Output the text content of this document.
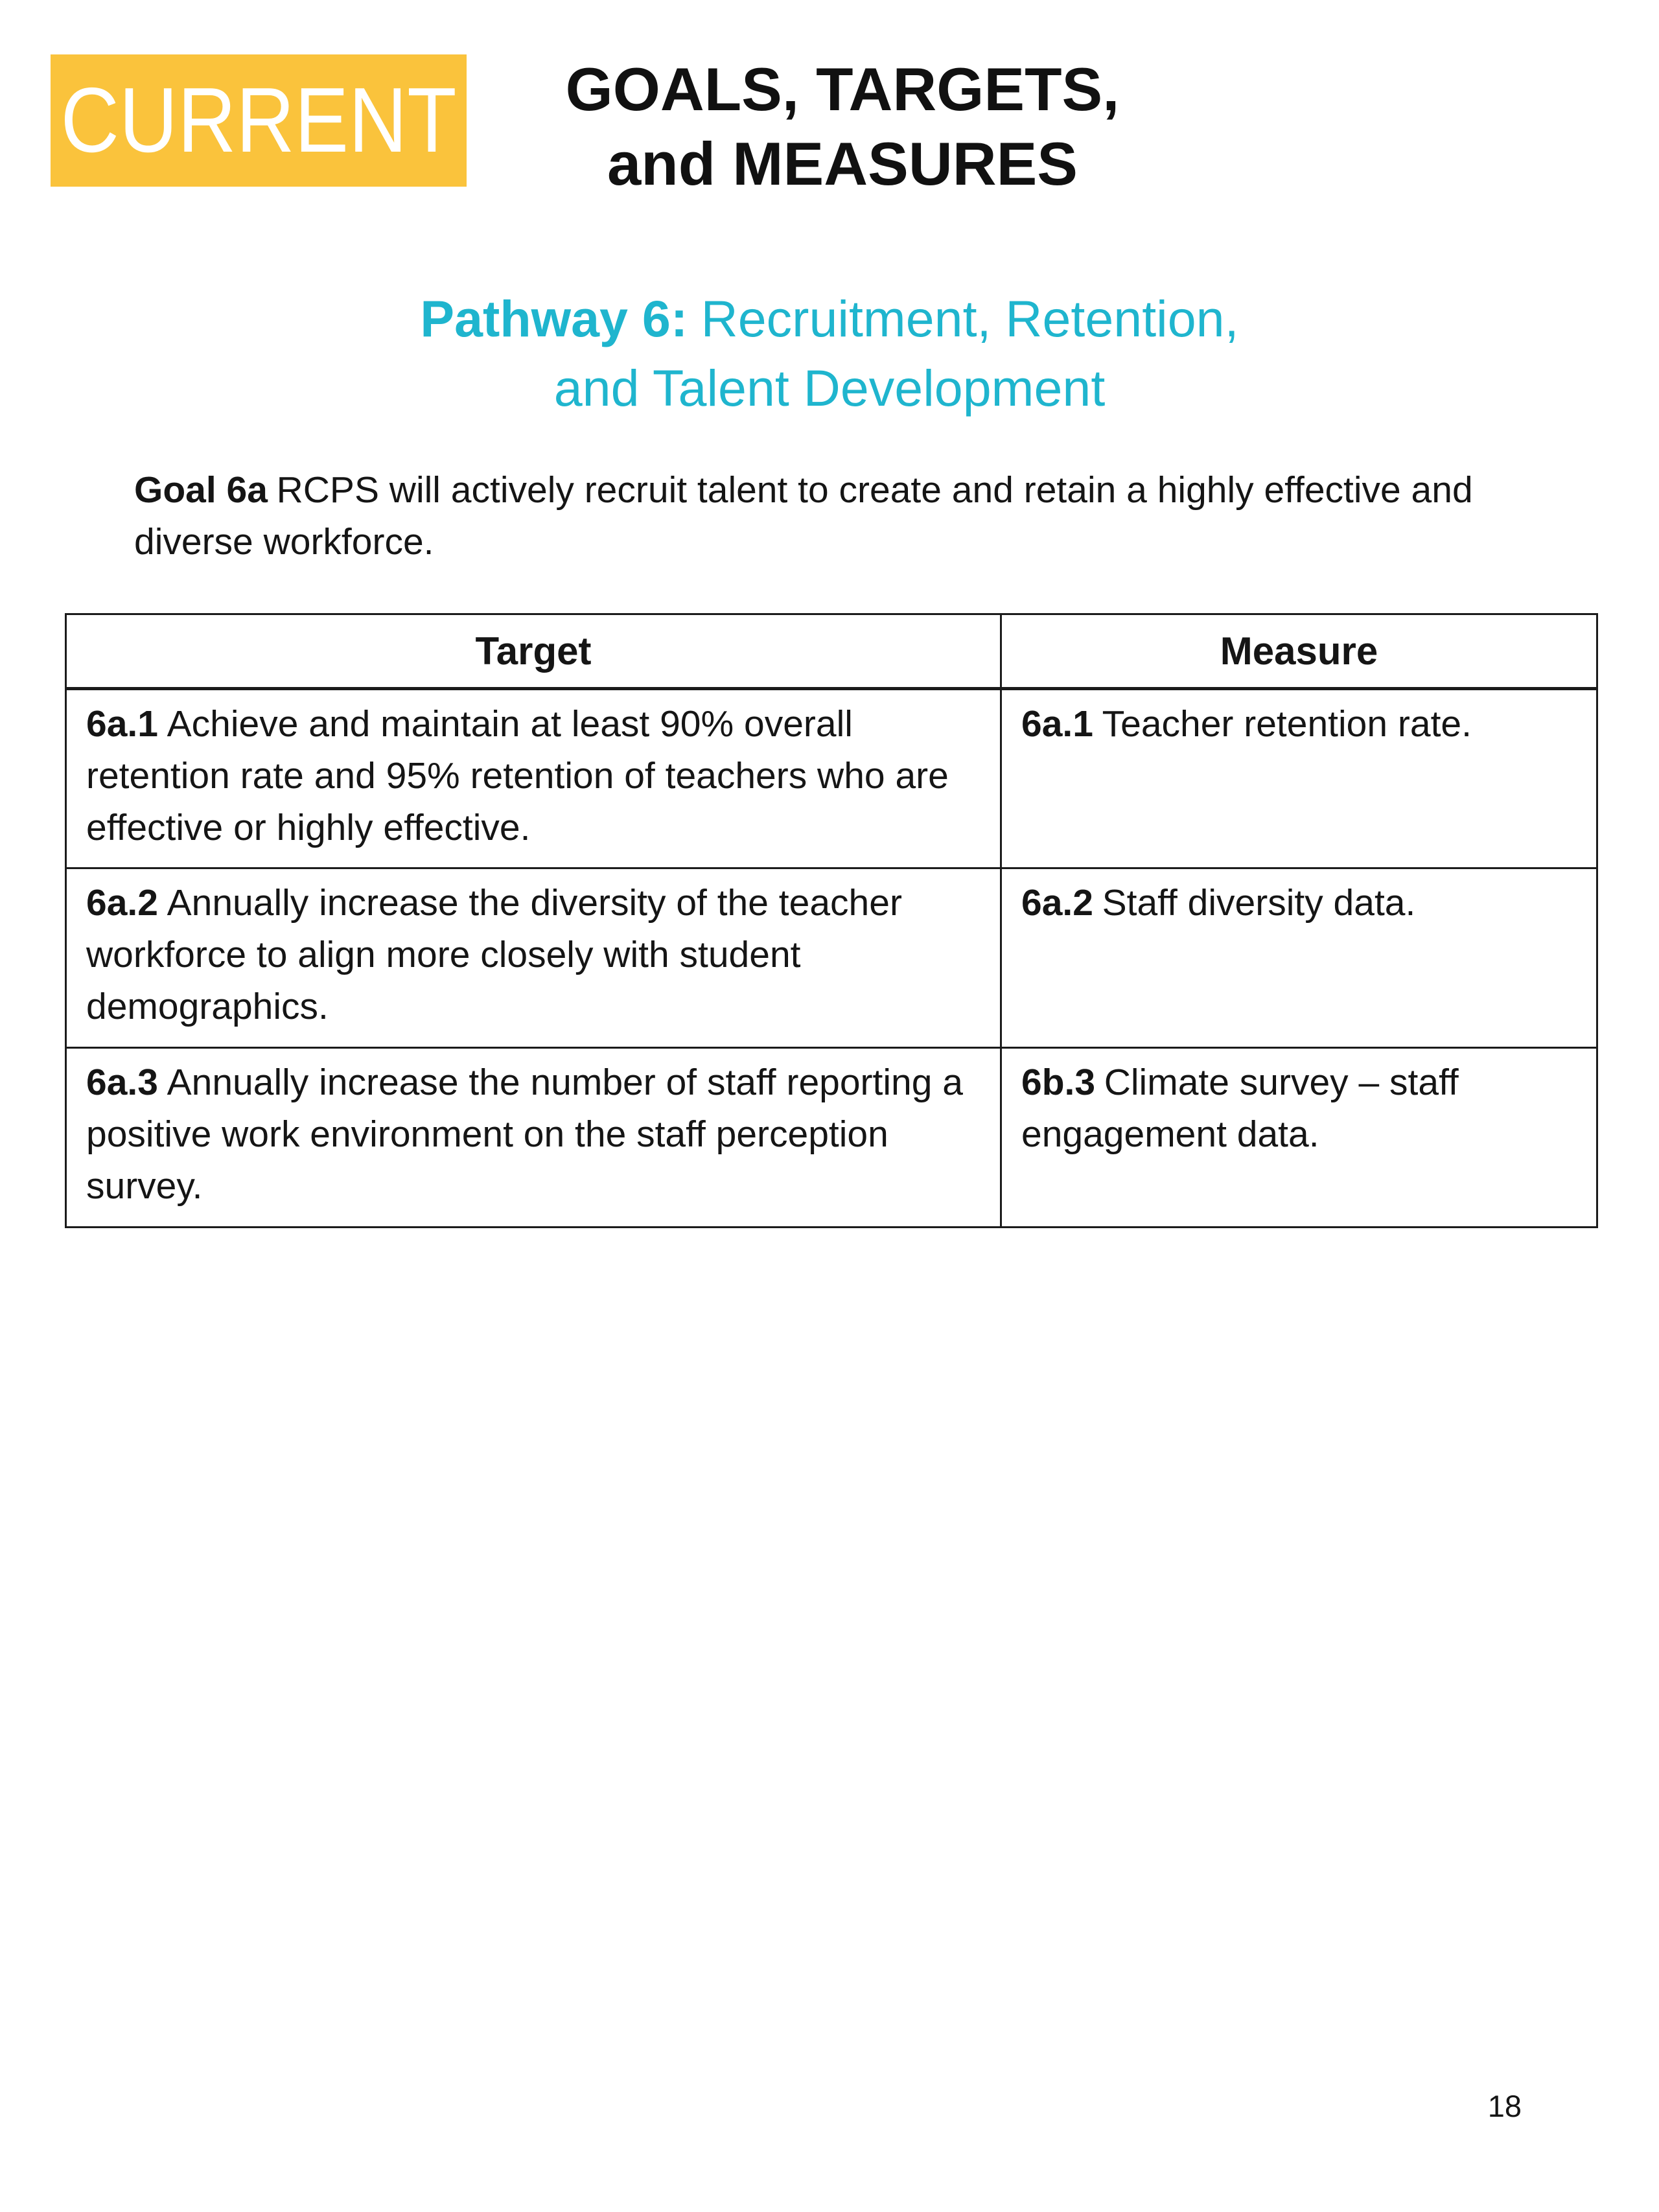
CURRENT	GOALS, TARGETS,
and MEASURES
Pathway 6: Recruitment, Retention,
and Talent Development
Goal 6a RCPS will actively recruit talent to create and retain a highly effective and diverse workforce.
Target	Measure
6a.1 Achieve and maintain at least 90% overall retention rate and 95% retention of teachers who are effective or highly effective.	6a.1 Teacher retention rate.
6a.2 Annually increase the diversity of the teacher workforce to align more closely with student demographics.	6a.2 Staff diversity data.
6a.3 Annually increase the number of staff reporting a positive work environment on the staff perception survey.	6b.3 Climate survey – staff engagement data.
18
